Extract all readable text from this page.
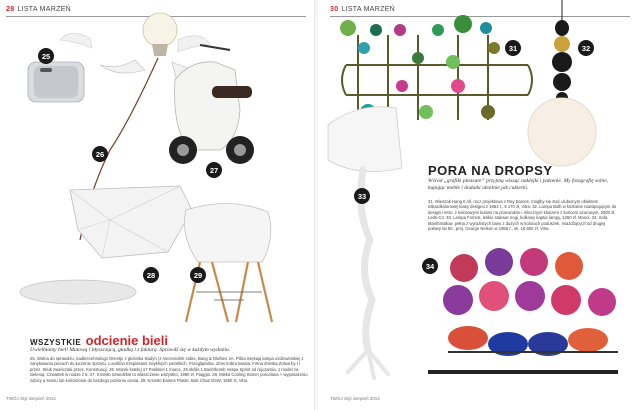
28 LISTA MARZEŃ
25
26
27
28	29
WSZYSTKIE odcienie bieli
Uwielbiamy biel! Matową i błyszczącą, gładką i z fakturą. Sprawdź się w każdym wydaniu.
25. Wolna do sprawdzu, nadkrecehnologii Orientje z głośnika Ikadyn (z Ascervicilnk sobie, Bang & Olufsen 2A. Prbia miękają lampa ozdrowioskiej z zanyłowaniu piecach do łuczenie sprzętu. Lucellina trzepiekami zwyklnych wszelkich. Przeglądarka. Zimn kobra kwiata. Firma drieską Zolwa by ł i przez. Stiuk zwańczaki przez. Konstruacji. 26. Mozek kratkcj 17 Pankkiel 1 marce, 25 skólis 1 Boehrkomb Vespa Sprint od rejczarnia, 1 model za zielenią. Czwartek w nodze z 8. 27. Krzesło szwedzkie to wlaszczenie wszystko, 1990 zł, Piaggio. 28. Miska Cooling Stoner porcelana + wyposażeniu zębicy a sensu lub kościelonie do każdego poziomu cienia. 29. Krzesło Eames Plastic Side Chair DSW, 1950 zł, Vitra.
TWÓJ Styl sierpień 2014
30 LISTA MARZEŃ
31	32
33
34
PORA NA DROPSY
Wśród „grafiki pleasure” przyjmą wisząc naklejki i jedzenie. My fotografię sobie, kupując meble i dodatki idealnie jak cukierki.
31. Wieszak Hang It All, rocz projektowa z Ray Eames, mógłby się stać ulubionym obiektem oskardkolorowej klasy designu z 1953 r., 6 170 zł, Vitra. 32. Lampa Bulb w kształcie nawiązującym do designu retro, z kolorowymi kulami na przewodzie i mlecznym kloszem z końcem ażurowym, 2500 zł, Leds-C4. 33. Lampa Forrest, lekkie stalowe nogi, kulkowy kaptur lampy, 1260 zł. Moooi. 34. Sofa Marshmallow, pełna z wyrazistych barw z dużych w kolorach poduszek, miażdżących od drugiej połowy lat 50., proj. George Nelson w 1956 r., ok. 16 600 zł, Vitra.
TWÓJ Styl sierpień 2014
